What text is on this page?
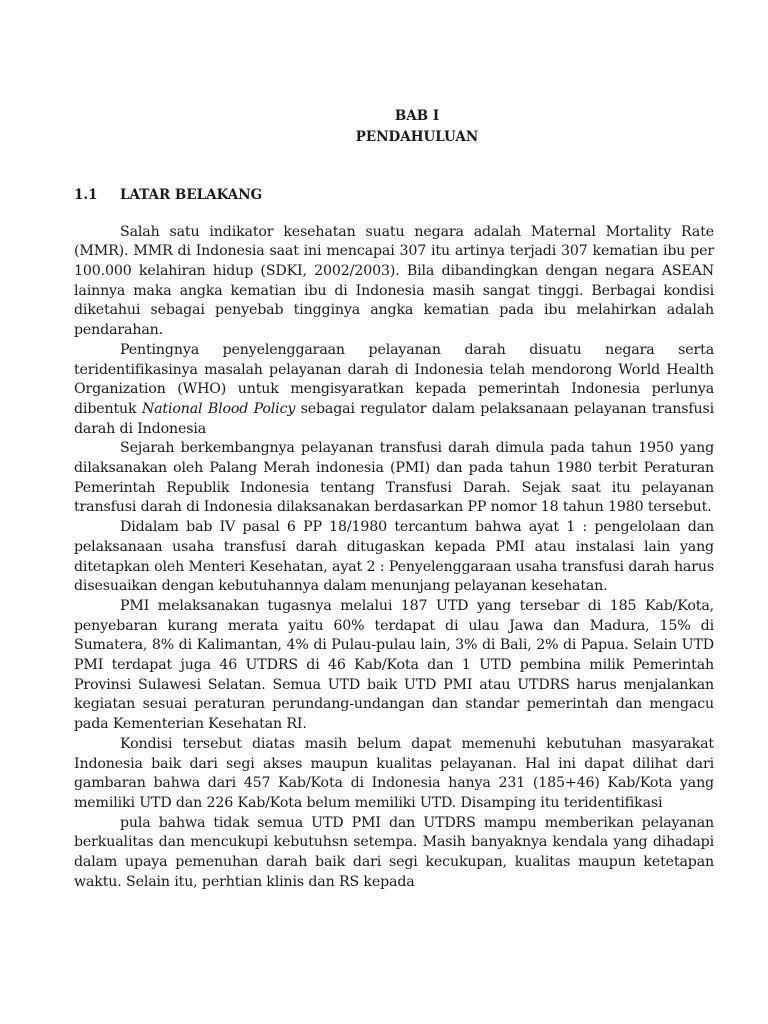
BAB I

PENDAHULUAN

1.1	LATAR BELAKANG

Salah satu indikator kesehatan suatu negara adalah Maternal Mortality Rate (MMR). MMR di Indonesia saat ini mencapai 307 itu artinya terjadi 307 kematian ibu per 100.000 kelahiran hidup (SDKI, 2002/2003). Bila dibandingkan dengan negara ASEAN lainnya maka angka kematian ibu di Indonesia masih sangat tinggi. Berbagai kondisi diketahui sebagai penyebab tingginya angka kematian pada ibu melahirkan adalah pendarahan.

Pentingnya penyelenggaraan pelayanan darah disuatu negara serta teridentifikasinya masalah pelayanan darah di Indonesia telah mendorong World Health Organization (WHO) untuk mengisyaratkan kepada pemerintah Indonesia perlunya dibentuk National Blood Policy sebagai regulator dalam pelaksanaan pelayanan transfusi darah di Indonesia

Sejarah berkembangnya pelayanan transfusi darah dimula pada tahun 1950 yang dilaksanakan oleh Palang Merah indonesia (PMI) dan pada tahun 1980 terbit Peraturan Pemerintah Republik Indonesia tentang Transfusi Darah. Sejak saat itu pelayanan transfusi darah di Indonesia dilaksanakan berdasarkan PP nomor 18 tahun 1980 tersebut.

Didalam bab IV pasal 6 PP 18/1980 tercantum bahwa ayat 1 : pengelolaan dan pelaksanaan usaha transfusi darah ditugaskan kepada PMI atau instalasi lain yang ditetapkan oleh Menteri Kesehatan, ayat 2 : Penyelenggaraan usaha transfusi darah harus disesuaikan dengan kebutuhannya dalam menunjang pelayanan kesehatan.

PMI melaksanakan tugasnya melalui 187 UTD yang tersebar di 185 Kab/Kota, penyebaran kurang merata yaitu 60% terdapat di ulau Jawa dan Madura, 15% di Sumatera, 8% di Kalimantan, 4% di Pulau-pulau lain, 3% di Bali, 2% di Papua. Selain UTD PMI terdapat juga 46 UTDRS di 46 Kab/Kota dan 1 UTD pembina milik Pemerintah Provinsi Sulawesi Selatan. Semua UTD baik UTD PMI atau UTDRS harus menjalankan kegiatan sesuai peraturan perundang-undangan dan standar pemerintah dan mengacu pada Kementerian Kesehatan RI.

Kondisi tersebut diatas masih belum dapat memenuhi kebutuhan masyarakat Indonesia baik dari segi akses maupun kualitas pelayanan. Hal ini dapat dilihat dari gambaran bahwa dari 457 Kab/Kota di Indonesia hanya 231 (185+46) Kab/Kota yang memiliki UTD dan 226 Kab/Kota belum memiliki UTD. Disamping itu teridentifikasi

pula bahwa tidak semua UTD PMI dan UTDRS mampu memberikan pelayanan berkualitas dan mencukupi kebutuhsn setempa. Masih banyaknya kendala yang dihadapi dalam upaya pemenuhan darah baik dari segi kecukupan, kualitas maupun ketetapan waktu. Selain itu, perhtian klinis dan RS kepada
